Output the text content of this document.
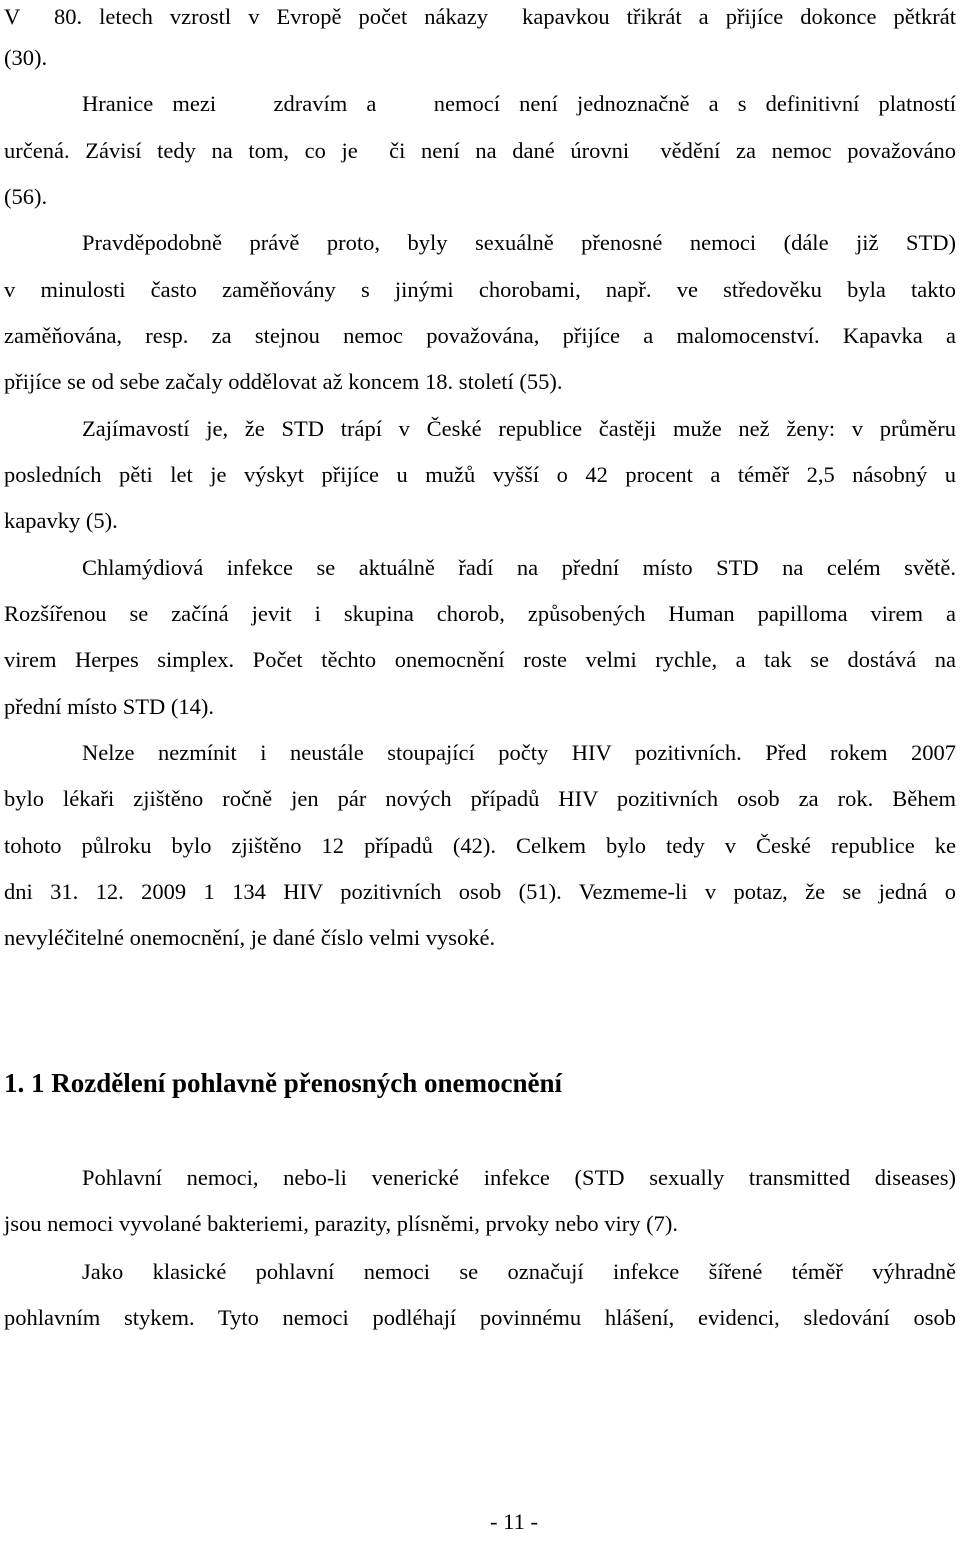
V  80. letech vzrostl v Evropě počet nákazy  kapavkou třikrát a přijíce dokonce pětkrát
(30).
Hranice mezi   zdravím a   nemocí není jednoznačně a s definitivní platností
určená. Závisí tedy na tom, co je  či není na dané úrovni  vědění za nemoc považováno
(56).
Pravděpodobně právě proto, byly sexuálně přenosné nemoci (dále již STD)
v minulosti často zaměňovány s jinými chorobami, např. ve středověku byla takto
zaměňována, resp. za stejnou nemoc považována, přijíce a malomocenství. Kapavka a
přijíce se od sebe začaly oddělovat až koncem 18. století (55).
Zajímavostí je, že STD trápí v České republice častěji muže než ženy: v průměru
posledních pěti let je výskyt přijíce u mužů vyšší o 42 procent a téměř 2,5 násobný u
kapavky (5).
Chlamýdiová infekce se aktuálně řadí na přední místo STD na celém světě.
Rozšířenou se začíná jevit i skupina chorob, způsobených Human papilloma virem a
virem Herpes simplex. Počet těchto onemocnění roste velmi rychle, a tak se dostává na
přední místo STD (14).
Nelze nezmínit i neustále stoupající počty HIV pozitivních. Před rokem 2007
bylo lékaři zjištěno ročně jen pár nových případů HIV pozitivních osob za rok. Během
tohoto půlroku bylo zjištěno 12 případů (42). Celkem bylo tedy v České republice ke
dni 31. 12. 2009 1 134 HIV pozitivních osob (51). Vezmeme-li v potaz, že se jedná o
nevyléčitelné onemocnění, je dané číslo velmi vysoké.
1. 1 Rozdělení pohlavně přenosných onemocnění
Pohlavní nemoci, nebo-li venerické infekce (STD sexually transmitted diseases)
jsou nemoci vyvolané bakteriemi, parazity, plísněmi, prvoky nebo viry (7).
Jako klasické pohlavní nemoci se označují infekce šířené téměř výhradně
pohlavním stykem. Tyto nemoci podléhají povinnému hlášení, evidenci, sledování osob
- 11 -
